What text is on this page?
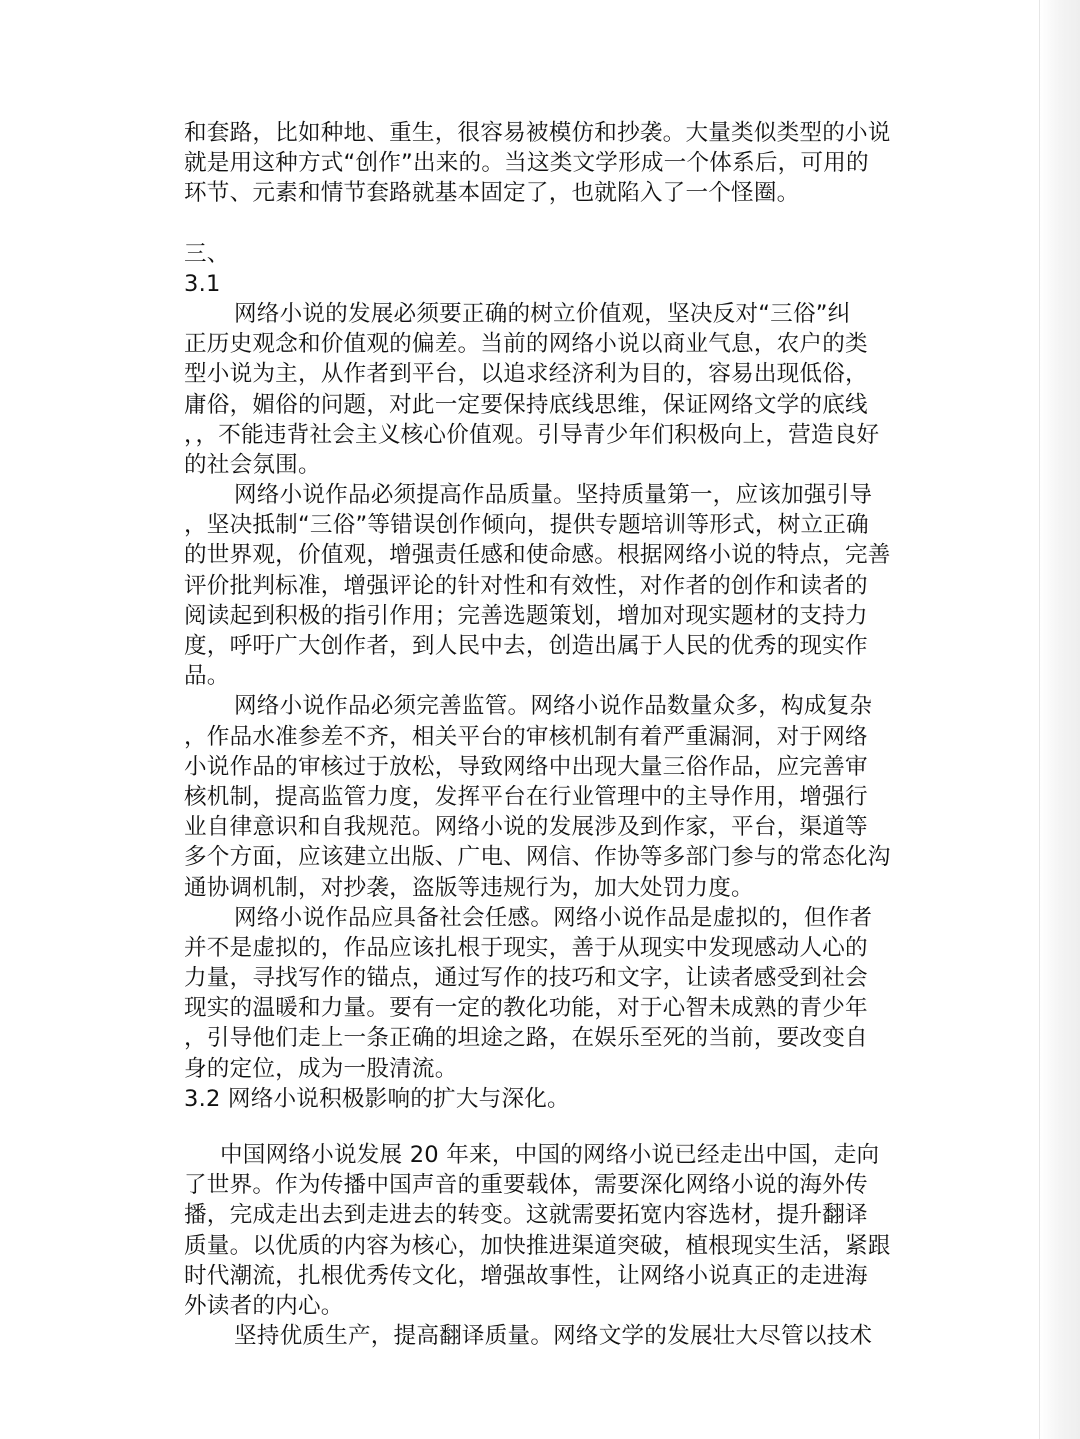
和套路，比如种地、重生，很容易被模仿和抄袭。大量类似类型的小说
就是用这种方式“创作”出来的。当这类文学形成一个体系后，可用的
环节、元素和情节套路就基本固定了，也就陷入了一个怪圈。
三、
3.1
网络小说的发展必须要正确的树立价值观，坚决反对“三俗”纠
正历史观念和价值观的偏差。当前的网络小说以商业气息，农户的类
型小说为主，从作者到平台，以追求经济利为目的，容易出现低俗，
庸俗，媚俗的问题，对此一定要保持底线思维，保证网络文学的底线
，，不能违背社会主义核心价值观。引导青少年们积极向上，营造良好
的社会氛围。
网络小说作品必须提高作品质量。坚持质量第一，应该加强引导
，坚决抵制“三俗”等错误创作倾向，提供专题培训等形式，树立正确
的世界观，价值观，增强责任感和使命感。根据网络小说的特点，完善
评价批判标准，增强评论的针对性和有效性，对作者的创作和读者的
阅读起到积极的指引作用；完善选题策划，增加对现实题材的支持力
度，呼吁广大创作者，到人民中去，创造出属于人民的优秀的现实作
品。
网络小说作品必须完善监管。网络小说作品数量众多，构成复杂
，作品水准参差不齐，相关平台的审核机制有着严重漏洞，对于网络
小说作品的审核过于放松，导致网络中出现大量三俗作品，应完善审
核机制，提高监管力度，发挥平台在行业管理中的主导作用，增强行
业自律意识和自我规范。网络小说的发展涉及到作家，平台，渠道等
多个方面，应该建立出版、广电、网信、作协等多部门参与的常态化沟
通协调机制，对抄袭，盗版等违规行为，加大处罚力度。
网络小说作品应具备社会任感。网络小说作品是虚拟的，但作者
并不是虚拟的，作品应该扎根于现实，善于从现实中发现感动人心的
力量，寻找写作的锚点，通过写作的技巧和文字，让读者感受到社会
现实的温暖和力量。要有一定的教化功能，对于心智未成熟的青少年
，引导他们走上一条正确的坦途之路，在娱乐至死的当前，要改变自
身的定位，成为一股清流。
3.2 网络小说积极影响的扩大与深化。
中国网络小说发展 20 年来，中国的网络小说已经走出中国，走向
了世界。作为传播中国声音的重要载体，需要深化网络小说的海外传
播，完成走出去到走进去的转变。这就需要拓宽内容选材，提升翻译
质量。以优质的内容为核心，加快推进渠道突破，植根现实生活，紧跟
时代潮流，扎根优秀传文化，增强故事性，让网络小说真正的走进海
外读者的内心。
坚持优质生产，提高翻译质量。网络文学的发展壮大尽管以技术
